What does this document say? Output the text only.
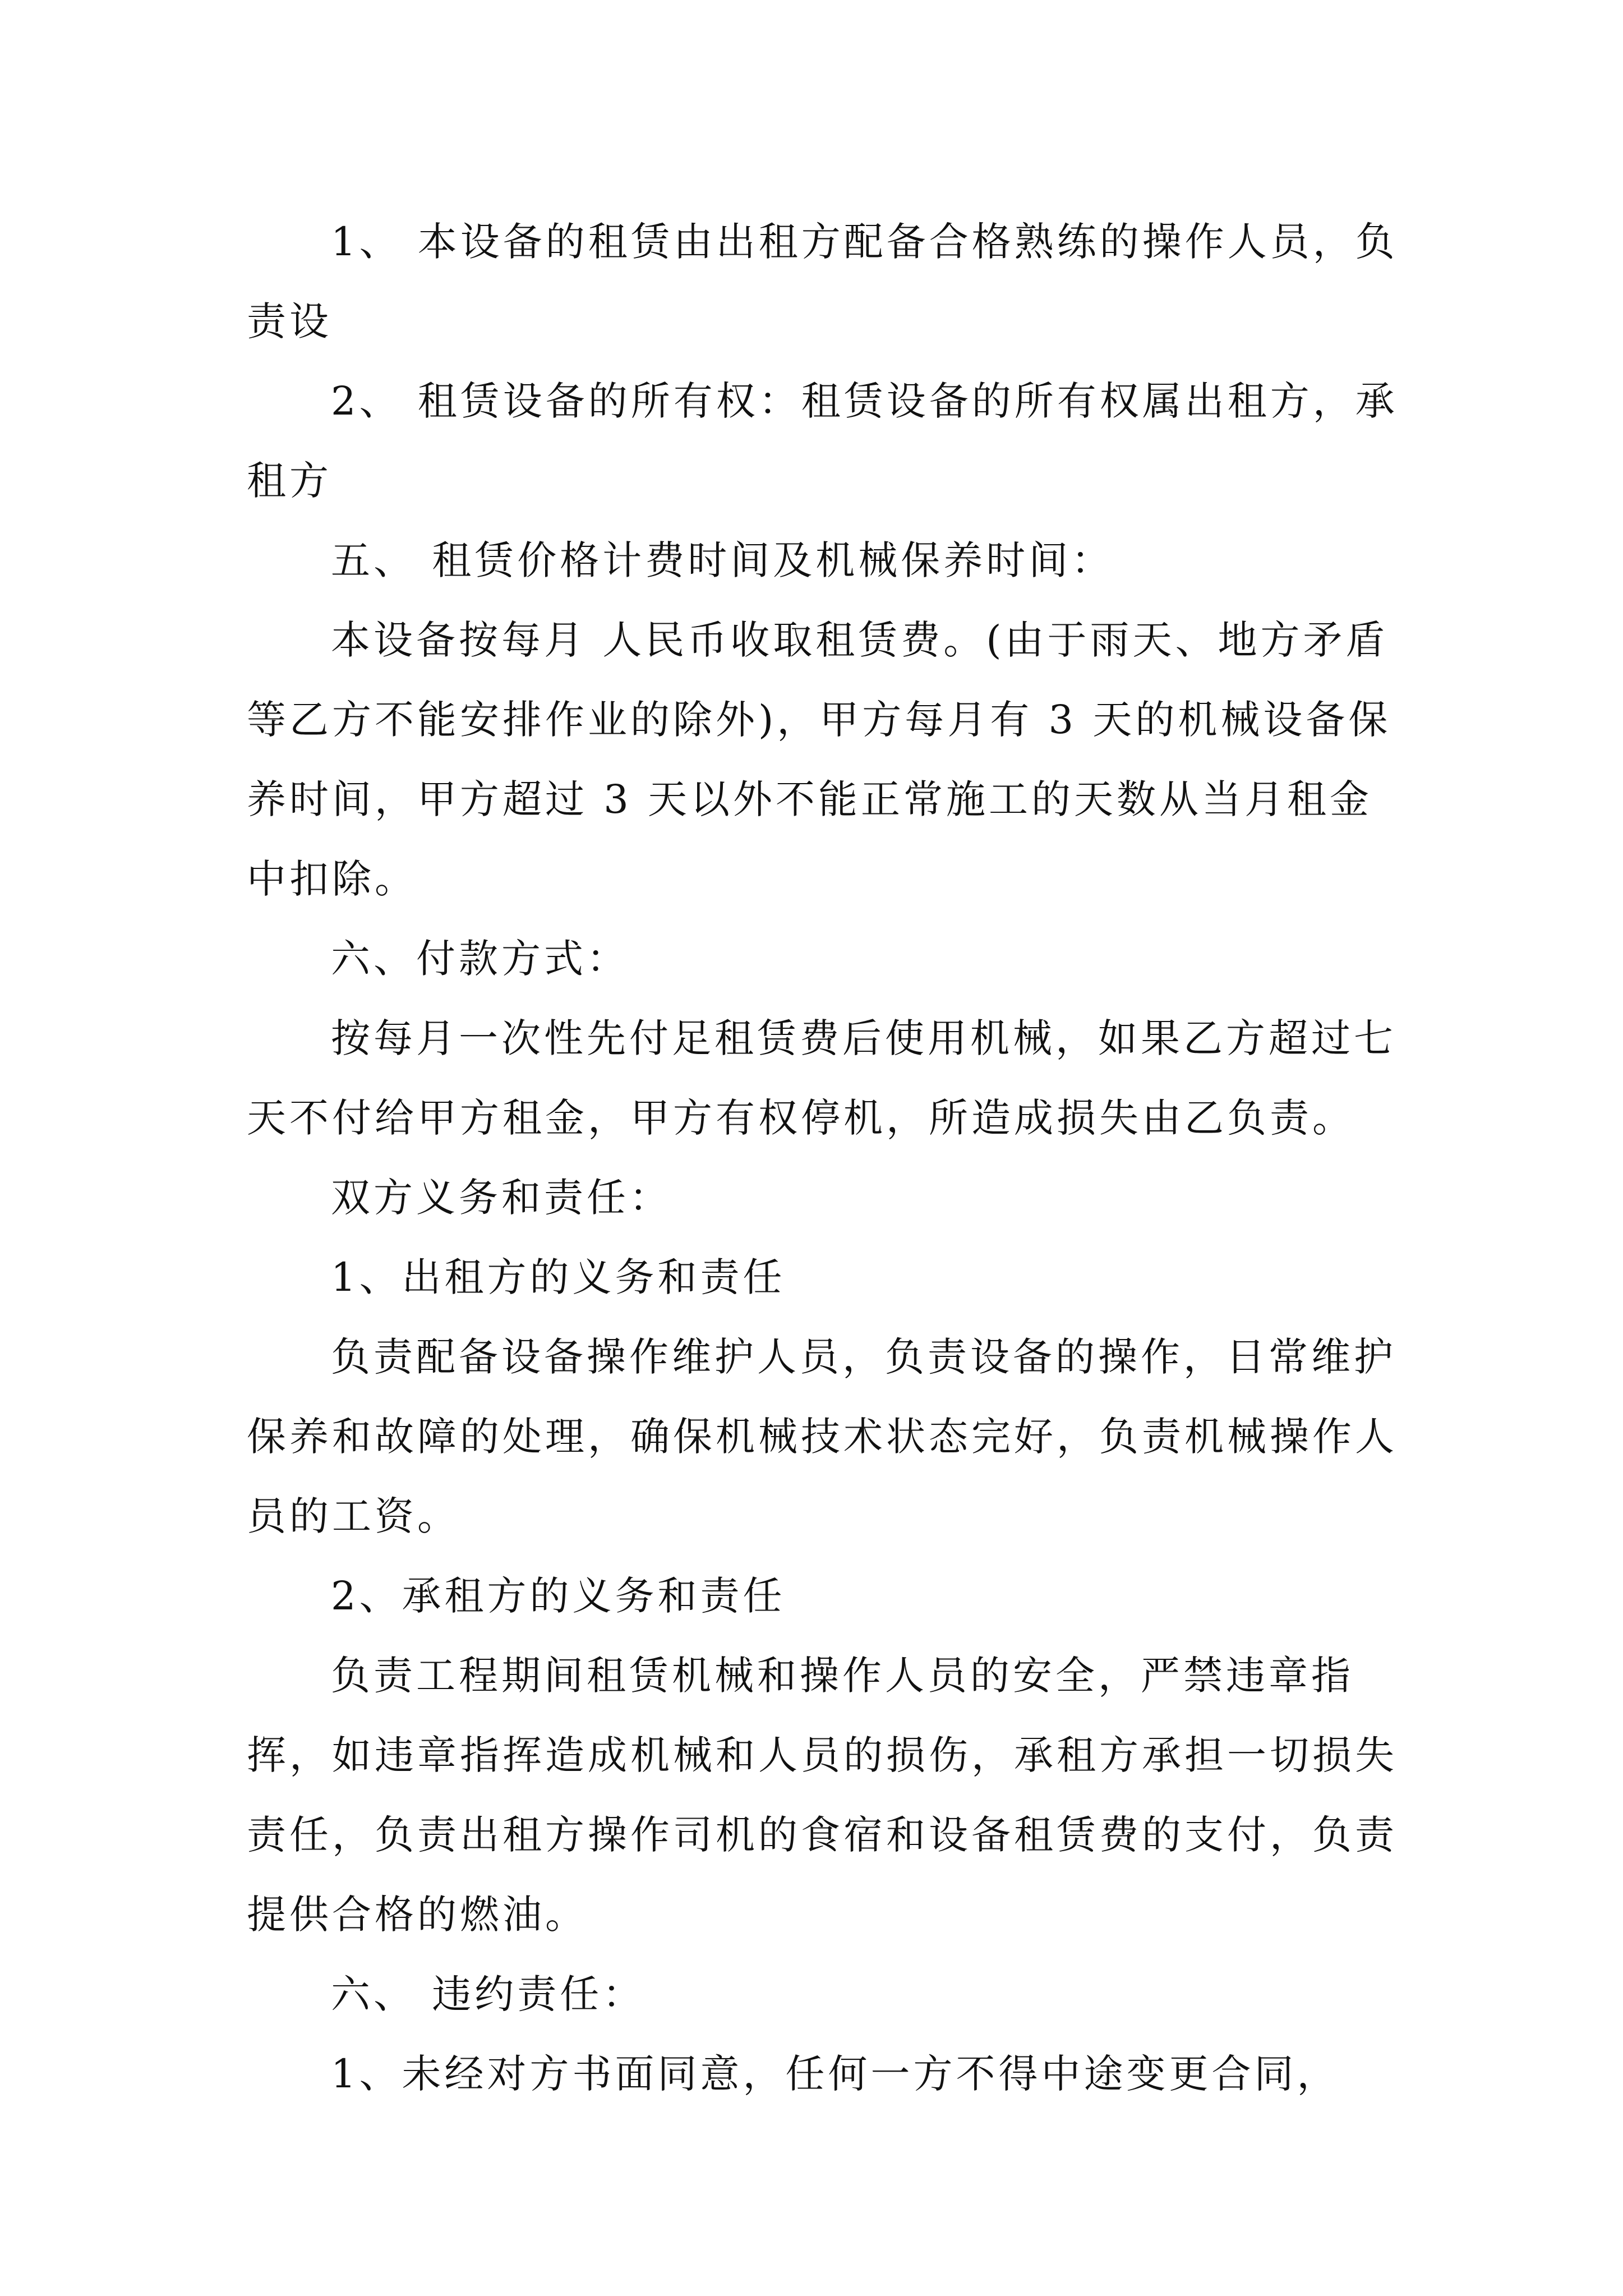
1、 本设备的租赁由出租方配备合格熟练的操作人员，负责设

2、 租赁设备的所有权：租赁设备的所有权属出租方，承租方

五、 租赁价格计费时间及机械保养时间：

本设备按每月 人民币收取租赁费。(由于雨天、地方矛盾等乙方不能安排作业的除外)，甲方每月有 3 天的机械设备保养时间，甲方超过 3 天以外不能正常施工的天数从当月租金中扣除。

六、付款方式：

按每月一次性先付足租赁费后使用机械，如果乙方超过七天不付给甲方租金，甲方有权停机，所造成损失由乙负责。

双方义务和责任：

1、出租方的义务和责任

负责配备设备操作维护人员，负责设备的操作，日常维护保养和故障的处理，确保机械技术状态完好，负责机械操作人员的工资。

2、承租方的义务和责任

负责工程期间租赁机械和操作人员的安全，严禁违章指挥，如违章指挥造成机械和人员的损伤，承租方承担一切损失责任，负责出租方操作司机的食宿和设备租赁费的支付，负责提供合格的燃油。

六、 违约责任：

1、未经对方书面同意，任何一方不得中途变更合同，
